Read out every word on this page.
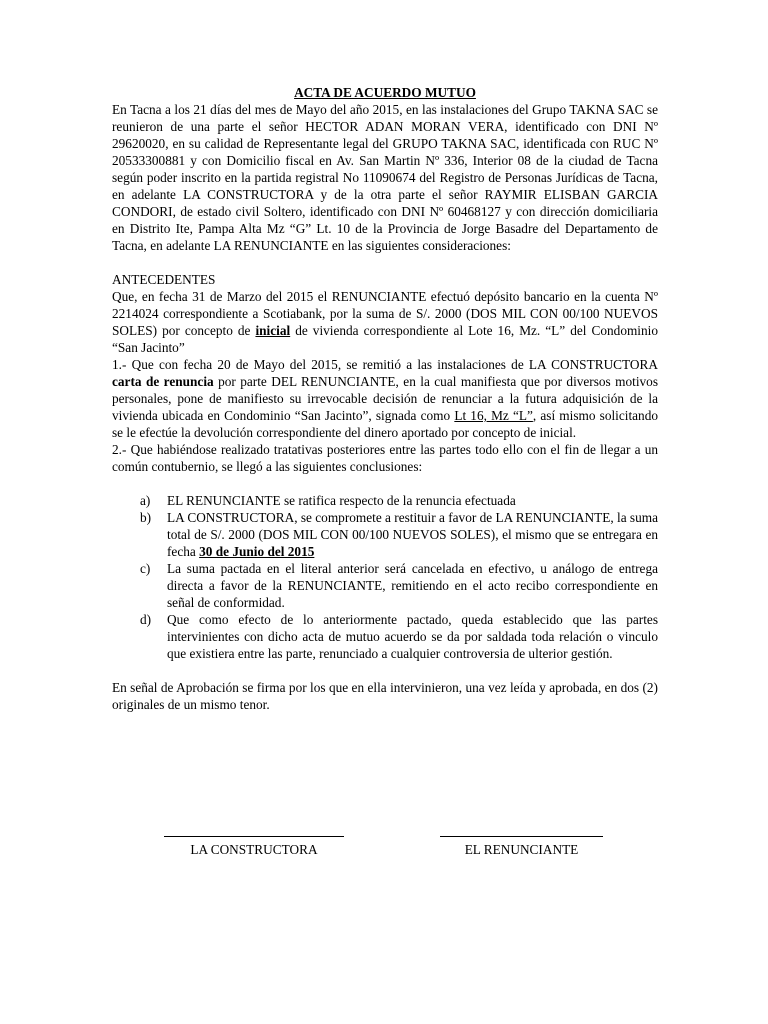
ACTA DE ACUERDO MUTUO

En Tacna a los 21 días del mes de Mayo del año 2015, en las instalaciones del Grupo TAKNA SAC se reunieron de una parte el señor HECTOR ADAN MORAN VERA, identificado con DNI Nº 29620020, en su calidad de Representante legal del GRUPO TAKNA SAC, identificada con RUC Nº 20533300881 y con Domicilio fiscal en Av. San Martin Nº 336, Interior 08 de la ciudad de Tacna según poder inscrito en la partida registral No 11090674 del Registro de Personas Jurídicas de Tacna, en adelante LA CONSTRUCTORA y de la otra parte el señor RAYMIR ELISBAN GARCIA CONDORI, de estado civil Soltero, identificado con DNI Nº 60468127 y con dirección domiciliaria en Distrito Ite, Pampa Alta Mz “G” Lt. 10 de la Provincia de Jorge Basadre del Departamento de Tacna, en adelante LA RENUNCIANTE en las siguientes consideraciones:

ANTECEDENTES

Que, en fecha 31 de Marzo del 2015 el RENUNCIANTE efectuó depósito bancario en la cuenta Nº 2214024 correspondiente a Scotiabank, por la suma de S/. 2000 (DOS MIL CON 00/100 NUEVOS SOLES) por concepto de inicial de vivienda correspondiente al Lote 16, Mz. “L” del Condominio “San Jacinto”

1.- Que con fecha 20 de Mayo del 2015, se remitió a las instalaciones de LA CONSTRUCTORA carta de renuncia por parte DEL RENUNCIANTE, en la cual manifiesta que por diversos motivos personales, pone de manifiesto su irrevocable decisión de renunciar a la futura adquisición de la vivienda ubicada en Condominio “San Jacinto”, signada como Lt 16, Mz “L”, así mismo solicitando se le efectúe la devolución correspondiente del dinero aportado por concepto de inicial.

2.- Que habiéndose realizado tratativas posteriores entre las partes todo ello con el fin de llegar a un común contubernio, se llegó a las siguientes conclusiones:

a) EL RENUNCIANTE se ratifica respecto de la renuncia efectuada
b) LA CONSTRUCTORA, se compromete a restituir a favor de LA RENUNCIANTE, la suma total de S/. 2000 (DOS MIL CON 00/100 NUEVOS SOLES), el mismo que se entregara en fecha 30 de Junio del 2015
c) La suma pactada en el literal anterior será cancelada en efectivo, u análogo de entrega directa a favor de la RENUNCIANTE, remitiendo en el acto recibo correspondiente en señal de conformidad.
d) Que como efecto de lo anteriormente pactado, queda establecido que las partes intervinientes con dicho acta de mutuo acuerdo se da por saldada toda relación o vinculo que existiera entre las parte, renunciado a cualquier controversia de ulterior gestión.

En señal de Aprobación se firma por los que en ella intervinieron, una vez leída y aprobada, en dos (2) originales de un mismo tenor.

LA CONSTRUCTORA	EL RENUNCIANTE
